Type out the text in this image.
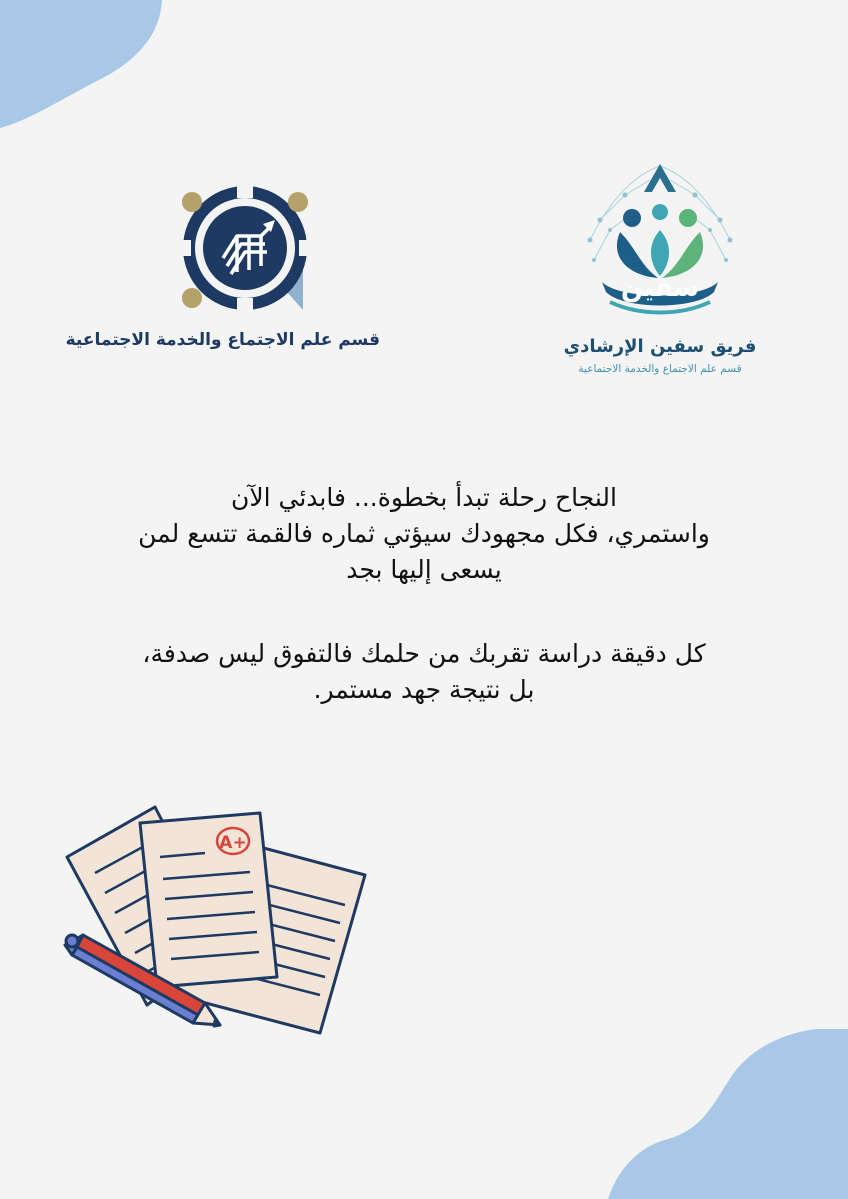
قسم علم الاجتماع والخدمة الاجتماعية
سفين
فريق سفين الإرشادي
قسم علم الاجتماع والخدمة الاجتماعية

النجاح رحلة تبدأ بخطوة... فابدئي الآن

واستمري، فكل مجهودك سيؤتي ثماره فالقمة تتسع لمن

يسعى إليها بجد

كل دقيقة دراسة تقربك من حلمك فالتفوق ليس صدفة،

بل نتيجة جهد مستمر.

A+
